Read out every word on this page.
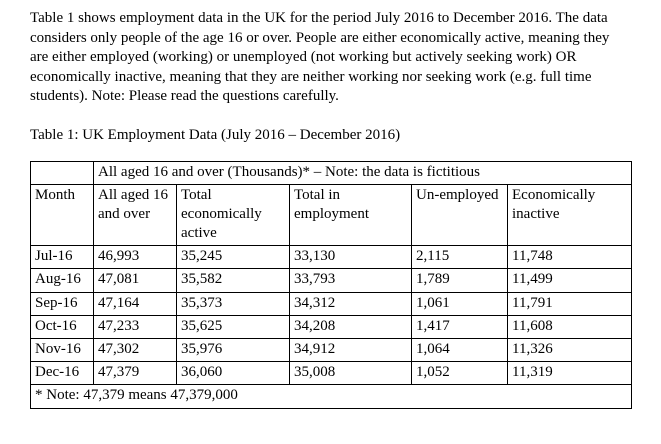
Table 1 shows employment data in the UK for the period July 2016 to December 2016. The data considers only people of the age 16 or over. People are either economically active, meaning they are either employed (working) or unemployed (not working but actively seeking work) OR economically inactive, meaning that they are neither working nor seeking work (e.g. full time students). Note: Please read the questions carefully.

Table 1: UK Employment Data (July 2016 – December 2016)

	All aged 16 and over (Thousands)* – Note: the data is fictitious				
Month	All aged 16 and over	Total economically active	Total in employment	Un-employed	Economically inactive
Jul-16	46,993	35,245	33,130	2,115	11,748
Aug-16	47,081	35,582	33,793	1,789	11,499
Sep-16	47,164	35,373	34,312	1,061	11,791
Oct-16	47,233	35,625	34,208	1,417	11,608
Nov-16	47,302	35,976	34,912	1,064	11,326
Dec-16	47,379	36,060	35,008	1,052	11,319
* Note: 47,379 means 47,379,000					
